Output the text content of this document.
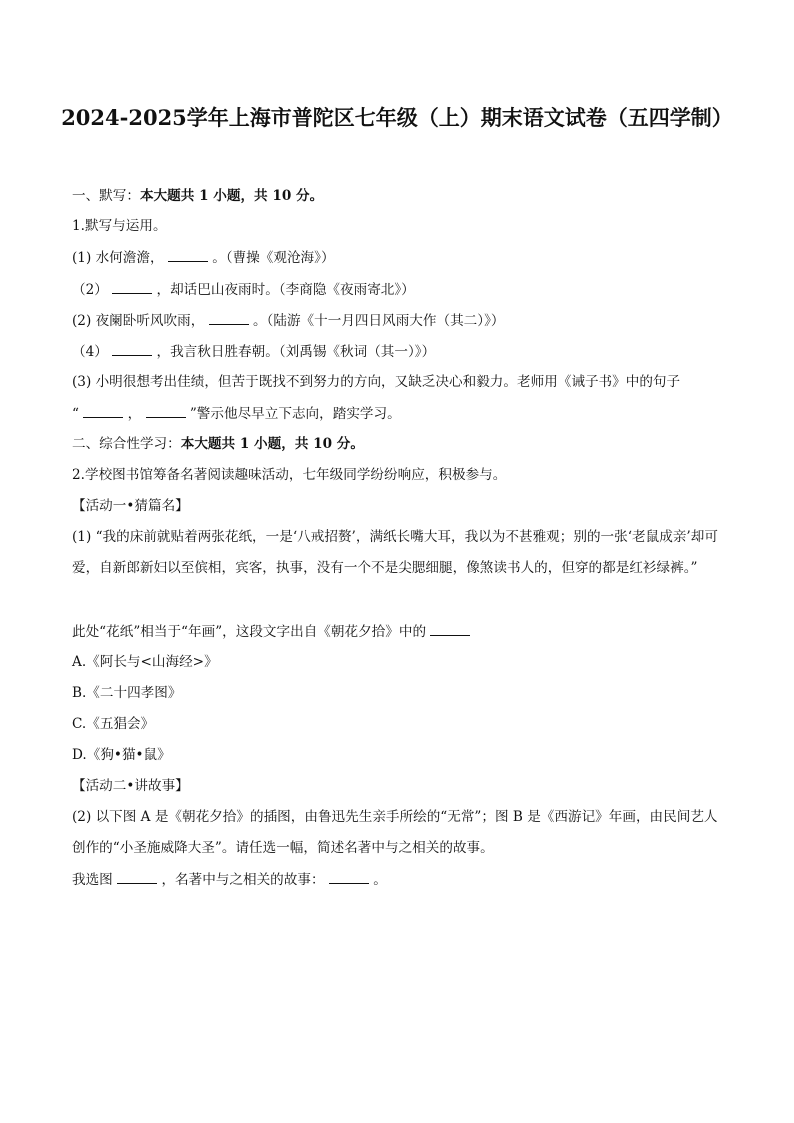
2024-2025学年上海市普陀区七年级（上）期末语文试卷（五四学制）
一、默写：本大题共 1 小题，共 10 分。
1.默写与运用。
(1) 水何澹澹，	。（曹操《观沧海》）
（2）	，却话巴山夜雨时。（李商隐《夜雨寄北》）
(2) 夜阑卧听风吹雨，	。（陆游《十一月四日风雨大作（其二）》）
（4）	，我言秋日胜春朝。（刘禹锡《秋词（其一）》）
(3) 小明很想考出佳绩，但苦于既找不到努力的方向，又缺乏决心和毅力。老师用《诫子书》中的句子
“	，	”警示他尽早立下志向，踏实学习。
二、综合性学习：本大题共 1 小题，共 10 分。
2.学校图书馆筹备名著阅读趣味活动，七年级同学纷纷响应，积极参与。
【活动一•猜篇名】
(1) “我的床前就贴着两张花纸，一是‘八戒招赘’，满纸长嘴大耳，我以为不甚雅观；别的一张‘老鼠成亲’却可爱，自新郎新妇以至傧相，宾客，执事，没有一个不是尖腮细腿，像煞读书人的，但穿的都是红衫绿裤。”
此处“花纸”相当于“年画”，这段文字出自《朝花夕拾》中的
A.《阿长与<山海经>》
B.《二十四孝图》
C.《五猖会》
D.《狗•猫•鼠》
【活动二•讲故事】
(2) 以下图 A 是《朝花夕拾》的插图，由鲁迅先生亲手所绘的“无常”；图 B 是《西游记》年画，由民间艺人创作的“小圣施威降大圣”。请任选一幅，简述名著中与之相关的故事。
我选图	，名著中与之相关的故事：	。
